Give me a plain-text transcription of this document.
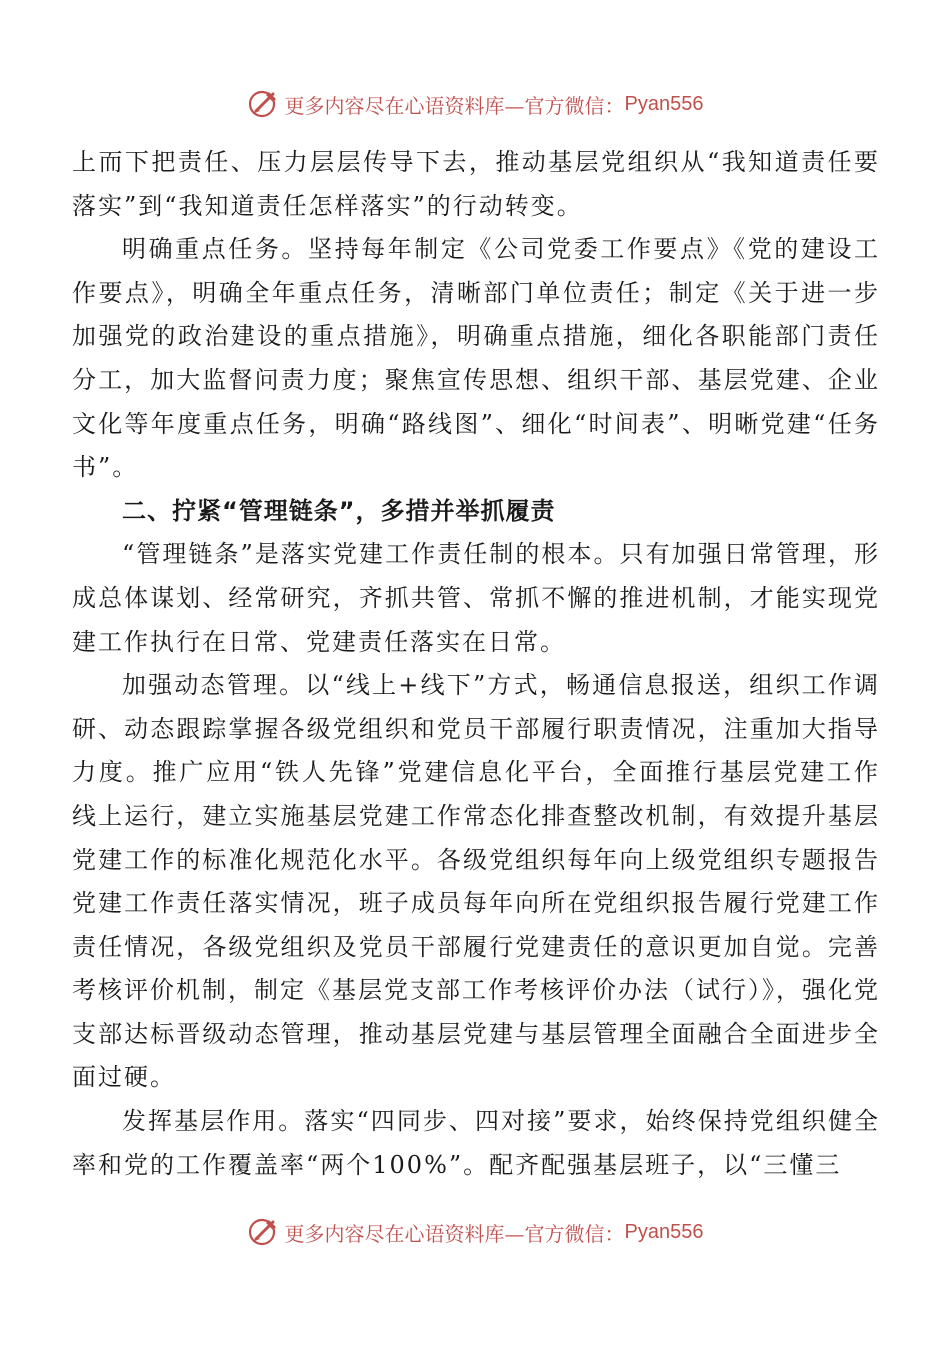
更多内容尽在心语资料库—官方微信： Pyan556

上而下把责任、压力层层传导下去，推动基层党组织从“我知道责任要落实”到“我知道责任怎样落实”的行动转变。

明确重点任务。坚持每年制定《公司党委工作要点》《党的建设工作要点》，明确全年重点任务，清晰部门单位责任；制定《关于进一步加强党的政治建设的重点措施》，明确重点措施，细化各职能部门责任分工，加大监督问责力度；聚焦宣传思想、组织干部、基层党建、企业文化等年度重点任务，明确“路线图”、细化“时间表”、明晰党建“任务书”。

二、拧紧“管理链条”，多措并举抓履责

“管理链条”是落实党建工作责任制的根本。只有加强日常管理，形成总体谋划、经常研究，齐抓共管、常抓不懈的推进机制，才能实现党建工作执行在日常、党建责任落实在日常。

加强动态管理。以“线上+线下”方式，畅通信息报送，组织工作调研、动态跟踪掌握各级党组织和党员干部履行职责情况，注重加大指导力度。推广应用“铁人先锋”党建信息化平台，全面推行基层党建工作线上运行，建立实施基层党建工作常态化排查整改机制，有效提升基层党建工作的标准化规范化水平。各级党组织每年向上级党组织专题报告党建工作责任落实情况，班子成员每年向所在党组织报告履行党建工作责任情况，各级党组织及党员干部履行党建责任的意识更加自觉。完善考核评价机制，制定《基层党支部工作考核评价办法（试行）》，强化党支部达标晋级动态管理，推动基层党建与基层管理全面融合全面进步全面过硬。

发挥基层作用。落实“四同步、四对接”要求，始终保持党组织健全率和党的工作覆盖率“两个100%”。配齐配强基层班子，以“三懂三

更多内容尽在心语资料库—官方微信： Pyan556
